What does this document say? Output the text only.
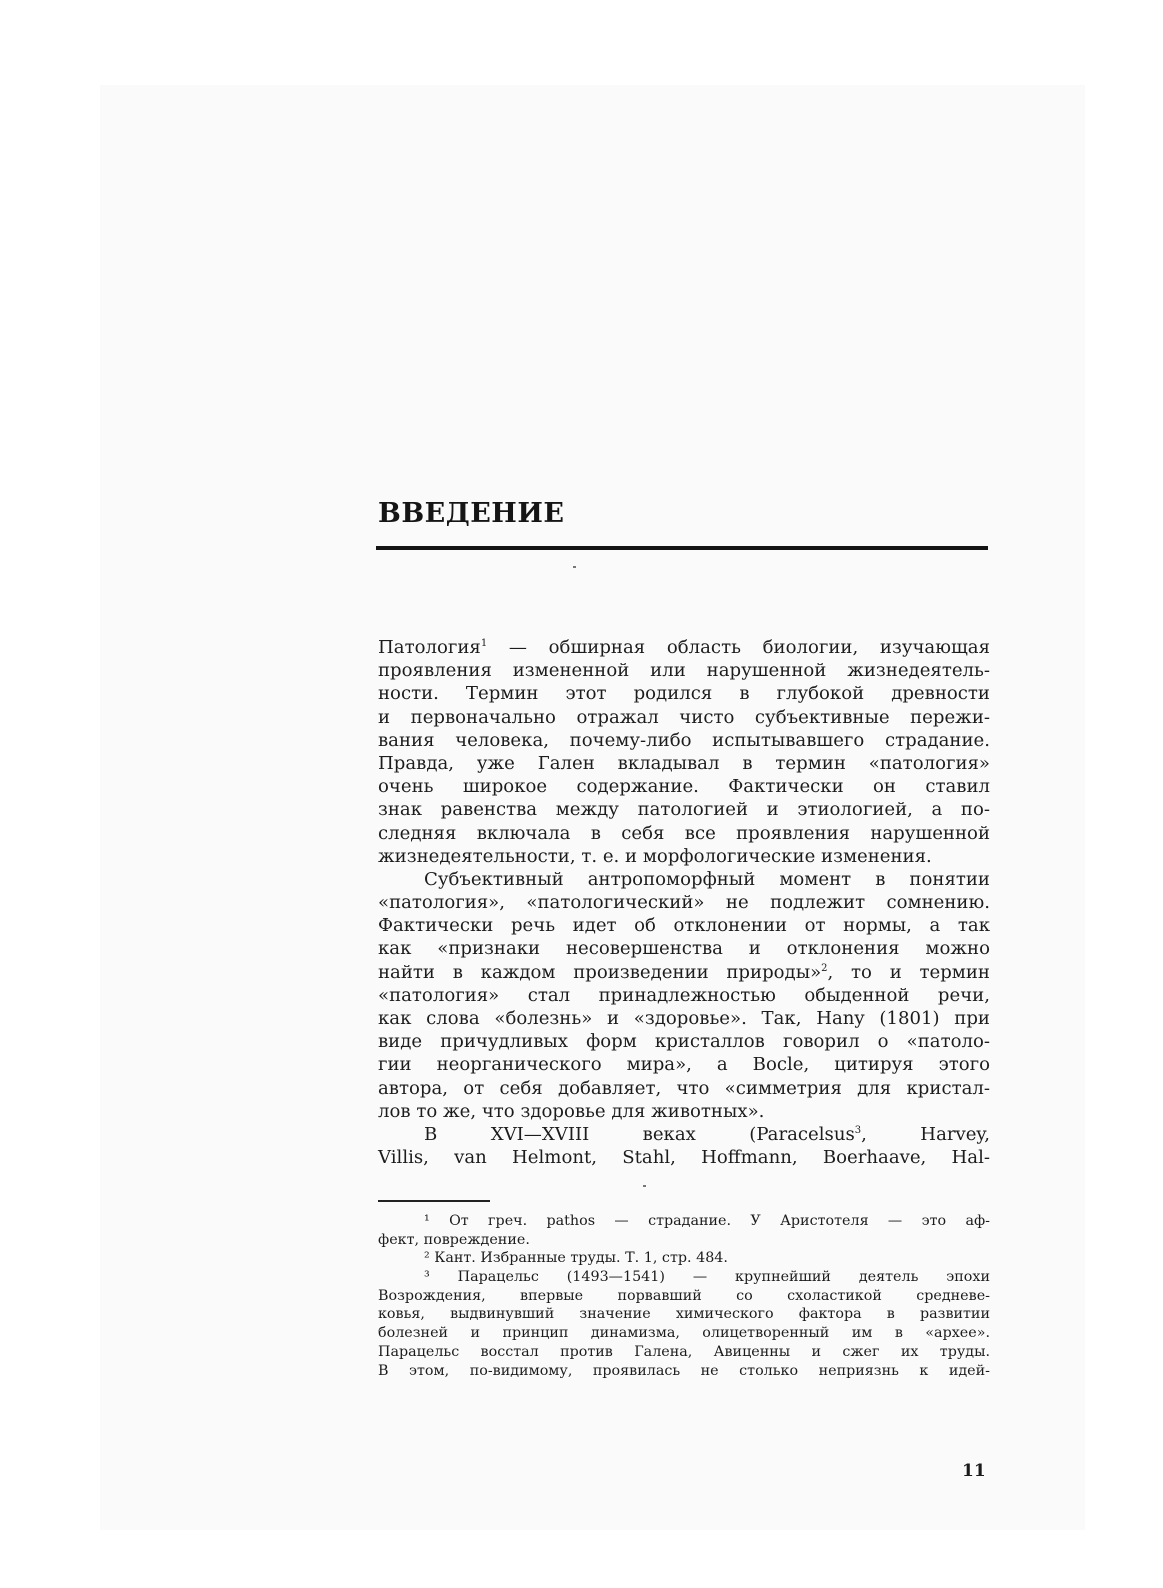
ВВЕДЕНИЕ
Патология$^1$ — обширная область биологии, изучающая
проявления измененной или нарушенной жизнедеятель-
ности. Термин этот родился в глубокой древности
и первоначально отражал чисто субъективные пережи-
вания человека, почему-либо испытывавшего страдание.
Правда, уже Гален вкладывал в термин «патология»
очень широкое содержание. Фактически он ставил
знак равенства между патологией и этиологией, а по-
следняя включала в себя все проявления нарушенной
жизнедеятельности, т. е. и морфологические изменения.
Субъективный антропоморфный момент в понятии
«патология», «патологический» не подлежит сомнению.
Фактически речь идет об отклонении от нормы, а так
как «признаки несовершенства и отклонения можно
найти в каждом произведении природы»$^2$, то и термин
«патология» стал принадлежностью обыденной речи,
как слова «болезнь» и «здоровье». Так, Hany (1801) при
виде причудливых форм кристаллов говорил о «патоло-
гии неорганического мира», а Bocle, цитируя этого
автора, от себя добавляет, что «симметрия для кристал-
лов то же, что здоровье для животных».
В XVI—XVIII веках (Paracelsus$^3$, Harvey,
Villis, van Helmont, Stahl, Hoffmann, Boerhaave, Hal-
¹ От греч. pathos — страдание. У Аристотеля — это аф-
фект, повреждение.
² Кант. Избранные труды. Т. 1, стр. 484.
³ Парацельс (1493—1541) — крупнейший деятель эпохи
Возрождения, впервые порвавший со схоластикой средневе-
ковья, выдвинувший значение химического фактора в развитии
болезней и принцип динамизма, олицетворенный им в «архее».
Парацельс восстал против Галена, Авиценны и сжег их труды.
В этом, по-видимому, проявилась не столько неприязнь к идей-
11
